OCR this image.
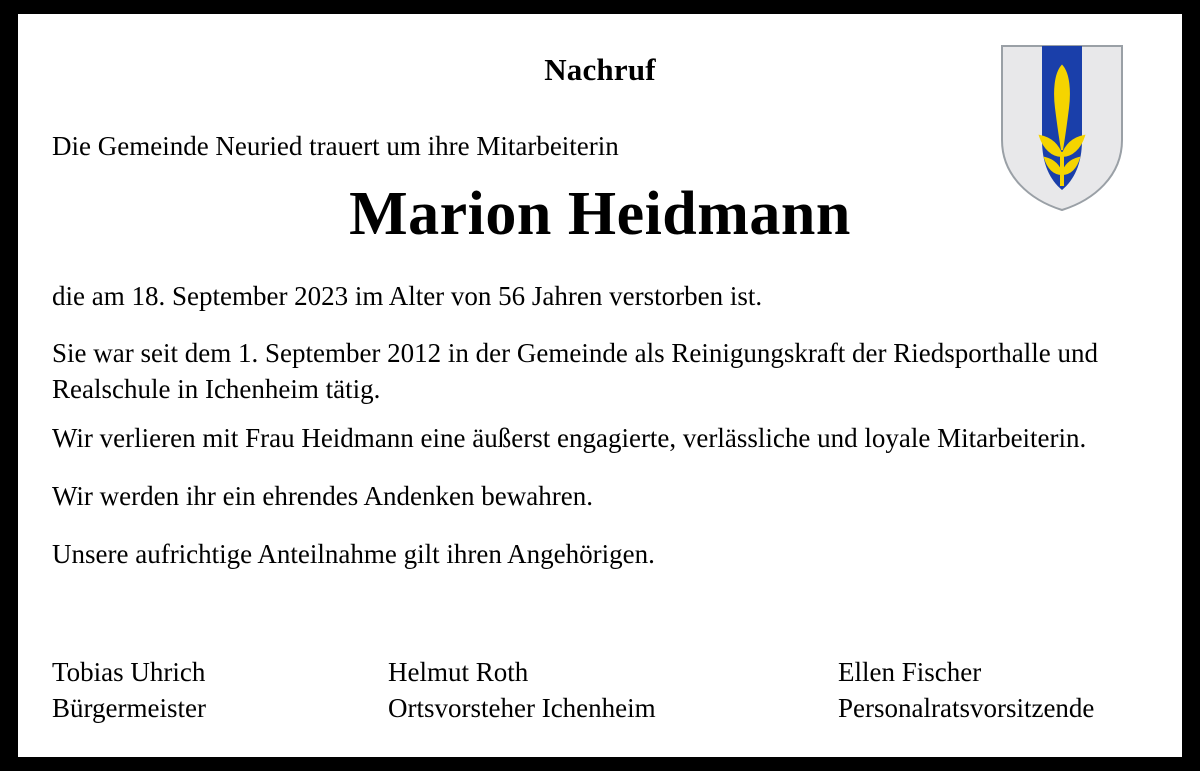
Nachruf
Die Gemeinde Neuried trauert um ihre Mitarbeiterin
Marion Heidmann
die am 18. September 2023 im Alter von 56 Jahren verstorben ist.
Sie war seit dem 1. September 2012 in der Gemeinde als Reinigungskraft der Riedsporthalle und Realschule in Ichenheim tätig.
Wir verlieren mit Frau Heidmann eine äußerst engagierte, verlässliche und loyale Mitarbeiterin.
Wir werden ihr ein ehrendes Andenken bewahren.
Unsere aufrichtige Anteilnahme gilt ihren Angehörigen.
Tobias Uhrich
Bürgermeister
Helmut Roth
Ortsvorsteher Ichenheim
Ellen Fischer
Personalratsvorsitzende
